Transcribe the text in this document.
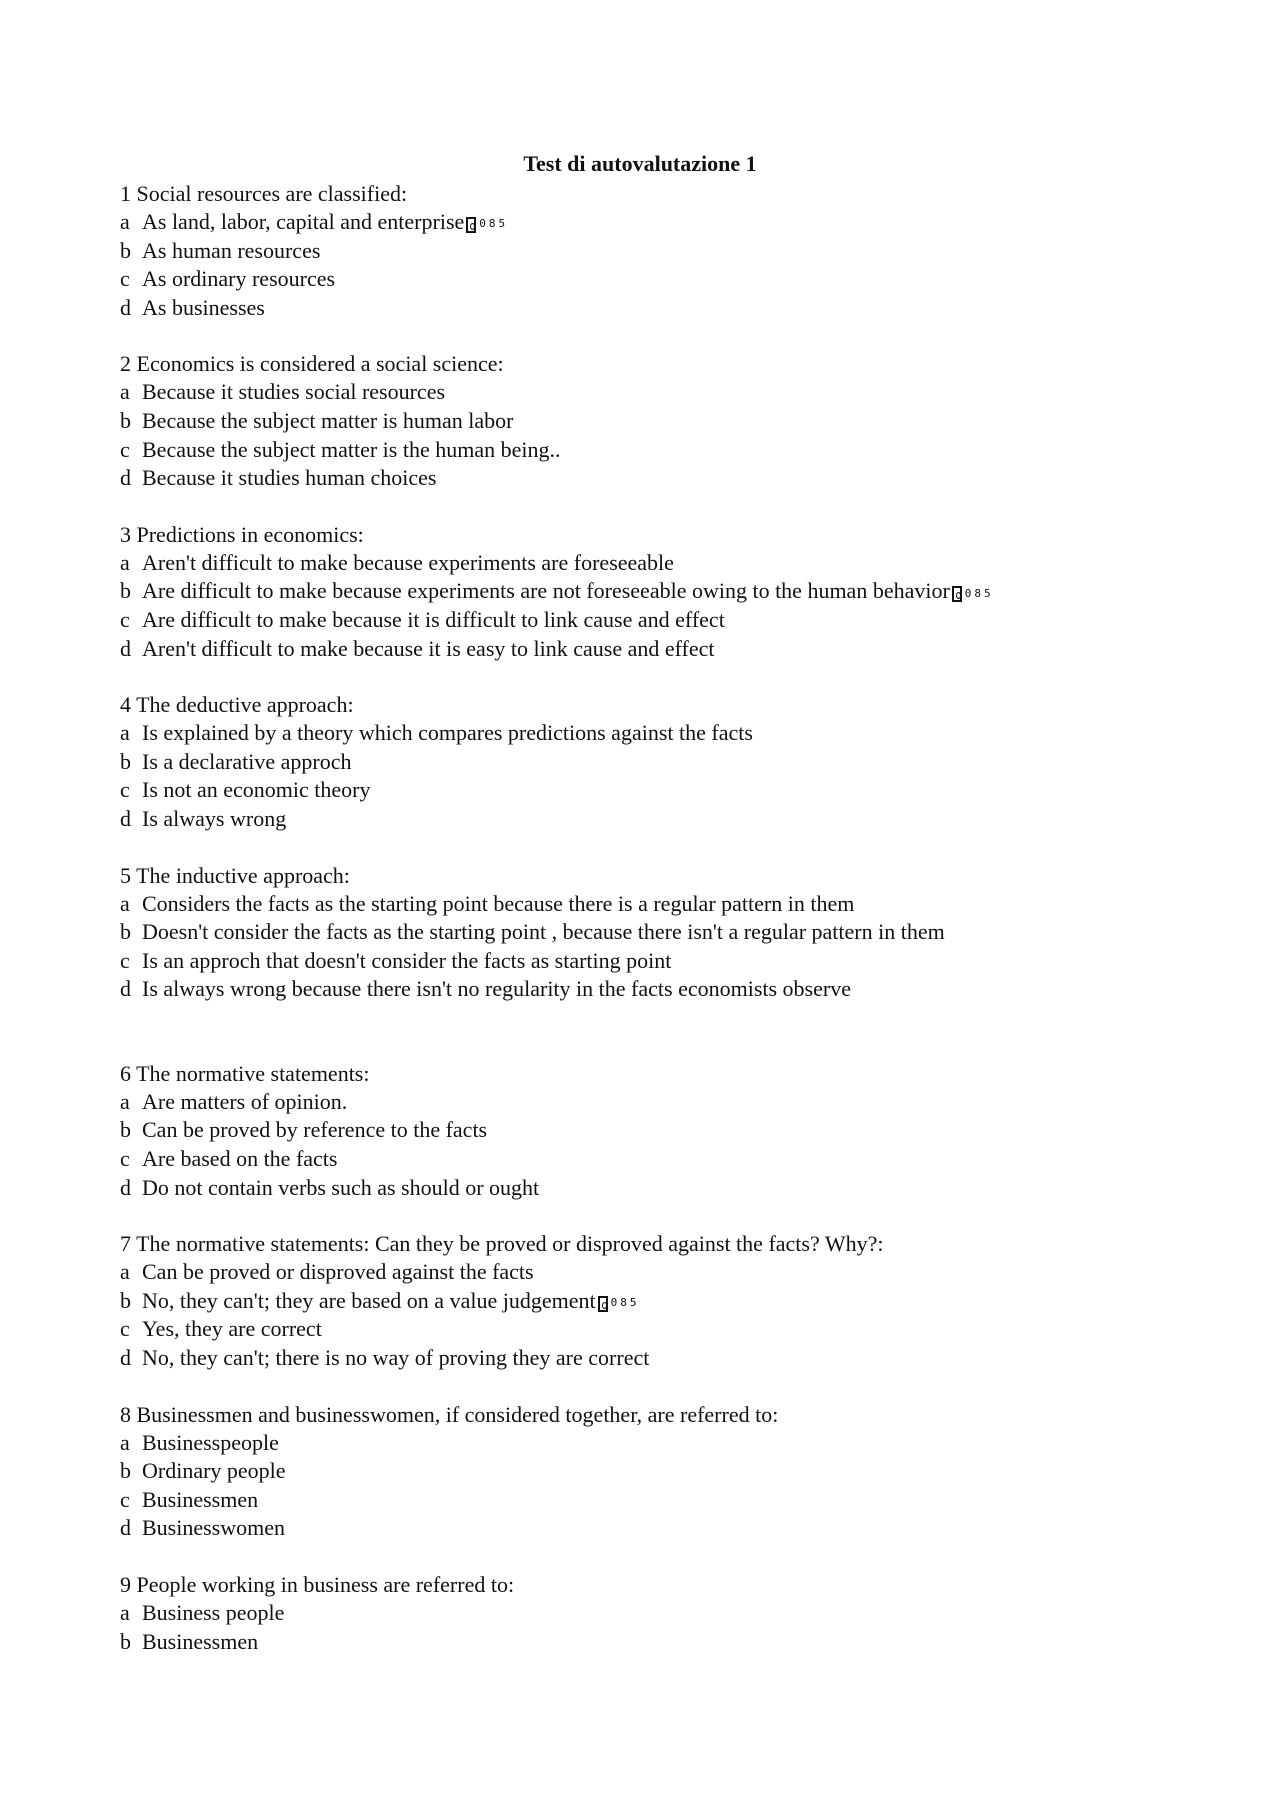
Test di autovalutazione 1
1 Social resources are classified:
a As land, labor, capital and enterprise 085
b As human resources
c As ordinary resources
d As businesses
2 Economics is considered a social science:
a Because it studies social resources
b Because the subject matter is human labor
c Because the subject matter is the human being..
d Because it studies human choices
3 Predictions in economics:
a Aren't difficult to make because experiments are foreseeable
b Are difficult to make because experiments are not foreseeable owing to the human behavior 085
c Are difficult to make because it is difficult to link cause and effect
d Aren't difficult to make because it is easy to link cause and effect
4 The deductive approach:
a Is explained by a theory which compares predictions against the facts
b Is a declarative approch
c Is not an economic theory
d Is always wrong
5 The inductive approach:
a Considers the facts as the starting point because there is a regular pattern in them
b Doesn't consider the facts as the starting point , because there isn't a regular pattern in them
c Is an approch that doesn't consider the facts as starting point
d Is always wrong because there isn't no regularity in the facts economists observe
6 The normative statements:
a Are matters of opinion.
b Can be proved by reference to the facts
c Are based on the facts
d Do not contain verbs such as should or ought
7 The normative statements: Can they be proved or disproved against the facts? Why?:
a Can be proved or disproved against the facts
b No, they can't; they are based on a value judgement 085
c Yes, they are correct
d No, they can't; there is no way of proving they are correct
8 Businessmen and businesswomen, if considered together, are referred to:
a Businesspeople
b Ordinary people
c Businessmen
d Businesswomen
9 People working in business are referred to:
a Business people
b Businessmen
